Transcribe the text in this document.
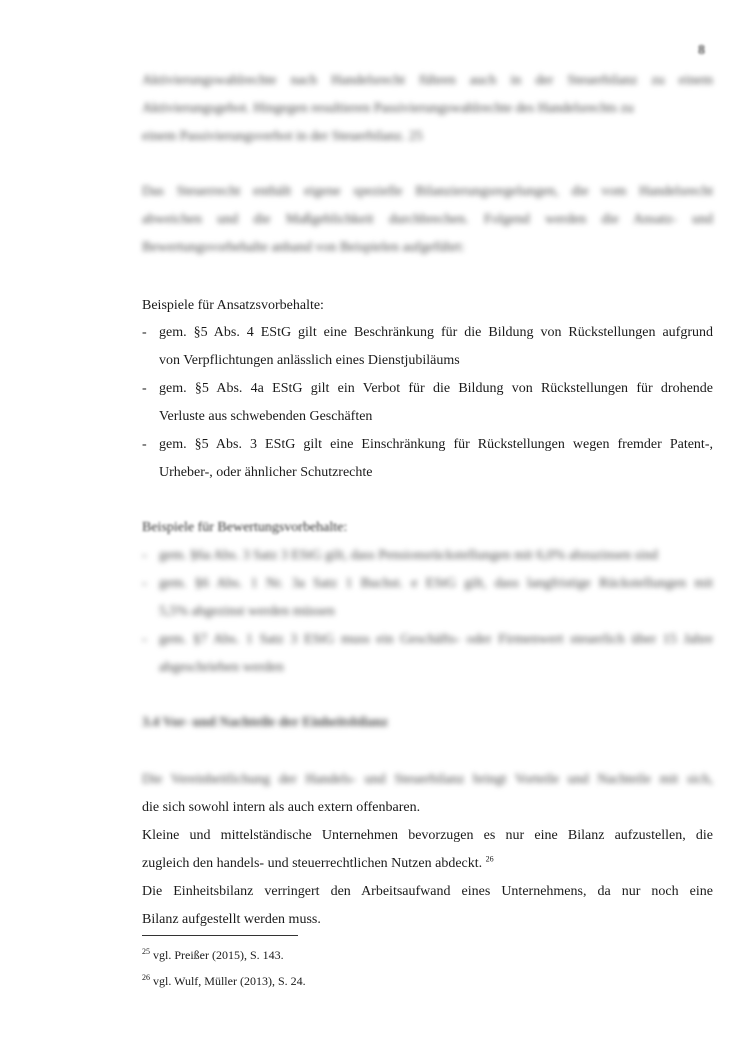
8
Aktivierungswahlrechte nach Handelsrecht führen auch in der Steuerbilanz zu einem
Aktivierungsgebot. Hingegen resultieren Passivierungswahlrechte des Handelsrechts zu
einem Passivierungsverbot in der Steuerbilanz. 25
Das Steuerrecht enthält eigene spezielle Bilanzierungsregelungen, die vom Handelsrecht
abweichen und die Maßgeblichkeit durchbrechen. Folgend werden die Ansatz- und
Bewertungsvorbehalte anhand von Beispielen aufgeführt:
Beispiele für Ansatzsvorbehalte:
- gem. §5 Abs. 4 EStG gilt eine Beschränkung für die Bildung von Rückstellungen aufgrund
von Verpflichtungen anlässlich eines Dienstjubiläums
- gem. §5 Abs. 4a EStG gilt ein Verbot für die Bildung von Rückstellungen für drohende
Verluste aus schwebenden Geschäften
- gem. §5 Abs. 3 EStG gilt eine Einschränkung für Rückstellungen wegen fremder Patent-,
Urheber-, oder ähnlicher Schutzrechte
Beispiele für Bewertungsvorbehalte:
- gem. §6a Abs. 3 Satz 3 EStG gilt, dass Pensionsrückstellungen mit 6,0% abzuzinsen sind
- gem. §6 Abs. 1 Nr. 3a Satz 1 Buchst. e EStG gilt, dass langfristige Rückstellungen mit
5,5% abgezinst werden müssen
- gem. §7 Abs. 1 Satz 3 EStG muss ein Geschäfts- oder Firmenwert steuerlich über 15 Jahre
abgeschrieben werden
3.4 Vor- und Nachteile der Einheitsbilanz
Die Vereinheitlichung der Handels- und Steuerbilanz bringt Vorteile und Nachteile mit sich,
die sich sowohl intern als auch extern offenbaren.
Kleine und mittelständische Unternehmen bevorzugen es nur eine Bilanz aufzustellen, die
zugleich den handels- und steuerrechtlichen Nutzen abdeckt. $^{26}$
Die Einheitsbilanz verringert den Arbeitsaufwand eines Unternehmens, da nur noch eine
Bilanz aufgestellt werden muss.
$^{25}$ vgl. Preißer (2015), S. 143.
$^{26}$ vgl. Wulf, Müller (2013), S. 24.
